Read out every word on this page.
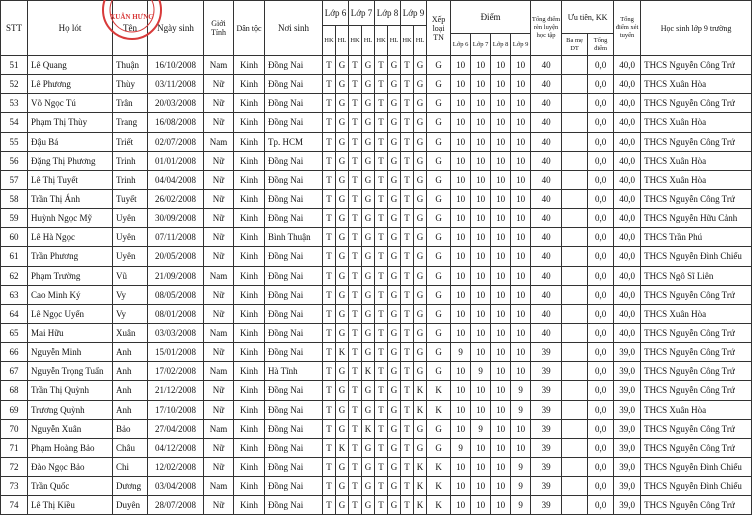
STT	Họ lót	Tên	Ngày sinh	Giới Tính	Dân tộc	Nơi sinh	Lớp 6		Lớp 7		Lớp 8		Lớp 9		Xếp loại TN	Điểm				Tổng điểm rèn luyện học tập	Ưu tiên, KK		Tổng điểm xét tuyển	Học sinh lớp 9 trường
							HK	HL	HK	HL	HK	HL	HK	HL										
																Lớp 6	Lớp 7	Lớp 8	Lớp 9		Ba mẹ DT	Tổng điểm		
51	Lê Quang	Thuận	16/10/2008	Nam	Kinh	Đồng Nai	T	G	T	G	T	G	T	G	G	10	10	10	10	40		0,0	40,0	THCS Nguyễn Công Trứ
52	Lê Phương	Thùy	03/11/2008	Nữ	Kinh	Đồng Nai	T	G	T	G	T	G	T	G	G	10	10	10	10	40		0,0	40,0	THCS Xuân Hòa
53	Võ Ngọc Tú	Trân	20/03/2008	Nữ	Kinh	Đồng Nai	T	G	T	G	T	G	T	G	G	10	10	10	10	40		0,0	40,0	THCS Nguyễn Công Trứ
54	Phạm Thị Thùy	Trang	16/08/2008	Nữ	Kinh	Đồng Nai	T	G	T	G	T	G	T	G	G	10	10	10	10	40		0,0	40,0	THCS Xuân Hòa
55	Đậu Bá	Triết	02/07/2008	Nam	Kinh	Tp. HCM	T	G	T	G	T	G	T	G	G	10	10	10	10	40		0,0	40,0	THCS Nguyễn Công Trứ
56	Đặng Thị Phương	Trinh	01/01/2008	Nữ	Kinh	Đồng Nai	T	G	T	G	T	G	T	G	G	10	10	10	10	40		0,0	40,0	THCS Xuân Hòa
57	Lê Thị Tuyết	Trinh	04/04/2008	Nữ	Kinh	Đồng Nai	T	G	T	G	T	G	T	G	G	10	10	10	10	40		0,0	40,0	THCS Xuân Hòa
58	Trần Thị Ánh	Tuyết	26/02/2008	Nữ	Kinh	Đồng Nai	T	G	T	G	T	G	T	G	G	10	10	10	10	40		0,0	40,0	THCS Nguyễn Công Trứ
59	Huỳnh Ngọc Mỹ	Uyên	30/09/2008	Nữ	Kinh	Đồng Nai	T	G	T	G	T	G	T	G	G	10	10	10	10	40		0,0	40,0	THCS Nguyễn Hữu Cảnh
60	Lê Hà Ngọc	Uyên	07/11/2008	Nữ	Kinh	Bình Thuận	T	G	T	G	T	G	T	G	G	10	10	10	10	40		0,0	40,0	THCS Trần Phú
61	Trần Phương	Uyên	20/05/2008	Nữ	Kinh	Đồng Nai	T	G	T	G	T	G	T	G	G	10	10	10	10	40		0,0	40,0	THCS Nguyễn Đình Chiểu
62	Phạm Trường	Vũ	21/09/2008	Nam	Kinh	Đồng Nai	T	G	T	G	T	G	T	G	G	10	10	10	10	40		0,0	40,0	THCS Ngô Sĩ Liên
63	Cao Minh Ký	Vy	08/05/2008	Nữ	Kinh	Đồng Nai	T	G	T	G	T	G	T	G	G	10	10	10	10	40		0,0	40,0	THCS Nguyễn Công Trứ
64	Lê Ngọc Uyển	Vy	08/01/2008	Nữ	Kinh	Đồng Nai	T	G	T	G	T	G	T	G	G	10	10	10	10	40		0,0	40,0	THCS Xuân Hòa
65	Mai Hữu	Xuân	03/03/2008	Nam	Kinh	Đồng Nai	T	G	T	G	T	G	T	G	G	10	10	10	10	40		0,0	40,0	THCS Nguyễn Công Trứ
66	Nguyễn Minh	Anh	15/01/2008	Nữ	Kinh	Đồng Nai	T	K	T	G	T	G	T	G	G	9	10	10	10	39		0,0	39,0	THCS Nguyễn Công Trứ
67	Nguyễn Trọng Tuấn	Anh	17/02/2008	Nam	Kinh	Hà Tĩnh	T	G	T	K	T	G	T	G	G	10	9	10	10	39		0,0	39,0	THCS Nguyễn Công Trứ
68	Trần Thị Quỳnh	Anh	21/12/2008	Nữ	Kinh	Đồng Nai	T	G	T	G	T	G	T	K	K	10	10	10	9	39		0,0	39,0	THCS Nguyễn Công Trứ
69	Trương Quỳnh	Anh	17/10/2008	Nữ	Kinh	Đồng Nai	T	G	T	G	T	G	T	K	K	10	10	10	9	39		0,0	39,0	THCS Xuân Hòa
70	Nguyễn Xuân	Bảo	27/04/2008	Nam	Kinh	Đồng Nai	T	G	T	K	T	G	T	G	G	10	9	10	10	39		0,0	39,0	THCS Nguyễn Công Trứ
71	Phạm Hoàng Bảo	Châu	04/12/2008	Nữ	Kinh	Đồng Nai	T	K	T	G	T	G	T	G	G	9	10	10	10	39		0,0	39,0	THCS Nguyễn Công Trứ
72	Đào Ngọc Bảo	Chi	12/02/2008	Nữ	Kinh	Đồng Nai	T	G	T	G	T	G	T	K	K	10	10	10	9	39		0,0	39,0	THCS Nguyễn Đình Chiểu
73	Trần Quốc	Dương	03/04/2008	Nam	Kinh	Đồng Nai	T	G	T	G	T	G	T	K	K	10	10	10	9	39		0,0	39,0	THCS Nguyễn Đình Chiểu
74	Lê Thị Kiều	Duyên	28/07/2008	Nữ	Kinh	Đồng Nai	T	G	T	G	T	G	T	K	K	10	10	10	9	39		0,0	39,0	THCS Nguyễn Công Trứ
XUÂN HƯNG
